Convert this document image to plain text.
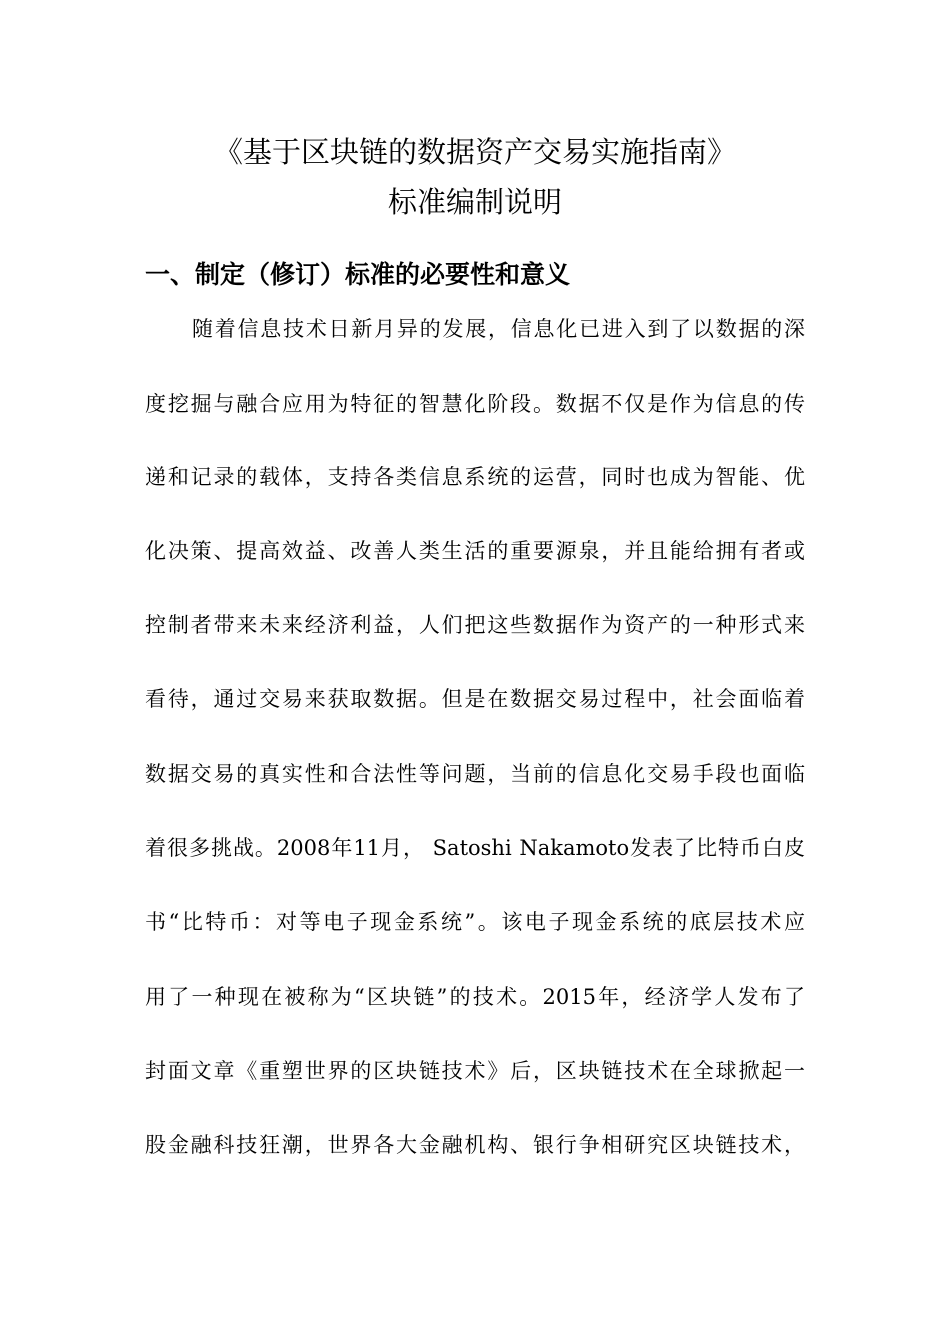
《基于区块链的数据资产交易实施指南》
标准编制说明
一、制定（修订）标准的必要性和意义
随着信息技术日新月异的发展，信息化已进入到了以数据的深
度挖掘与融合应用为特征的智慧化阶段。数据不仅是作为信息的传
递和记录的载体，支持各类信息系统的运营，同时也成为智能、优
化决策、提高效益、改善人类生活的重要源泉，并且能给拥有者或
控制者带来未来经济利益，人们把这些数据作为资产的一种形式来
看待，通过交易来获取数据。但是在数据交易过程中，社会面临着
数据交易的真实性和合法性等问题，当前的信息化交易手段也面临
着很多挑战。2008年11月， Satoshi Nakamoto发表了比特币白皮
书“比特币：对等电子现金系统”。该电子现金系统的底层技术应
用了一种现在被称为“区块链”的技术。2015年，经济学人发布了
封面文章《重塑世界的区块链技术》后，区块链技术在全球掀起一
股金融科技狂潮，世界各大金融机构、银行争相研究区块链技术，
